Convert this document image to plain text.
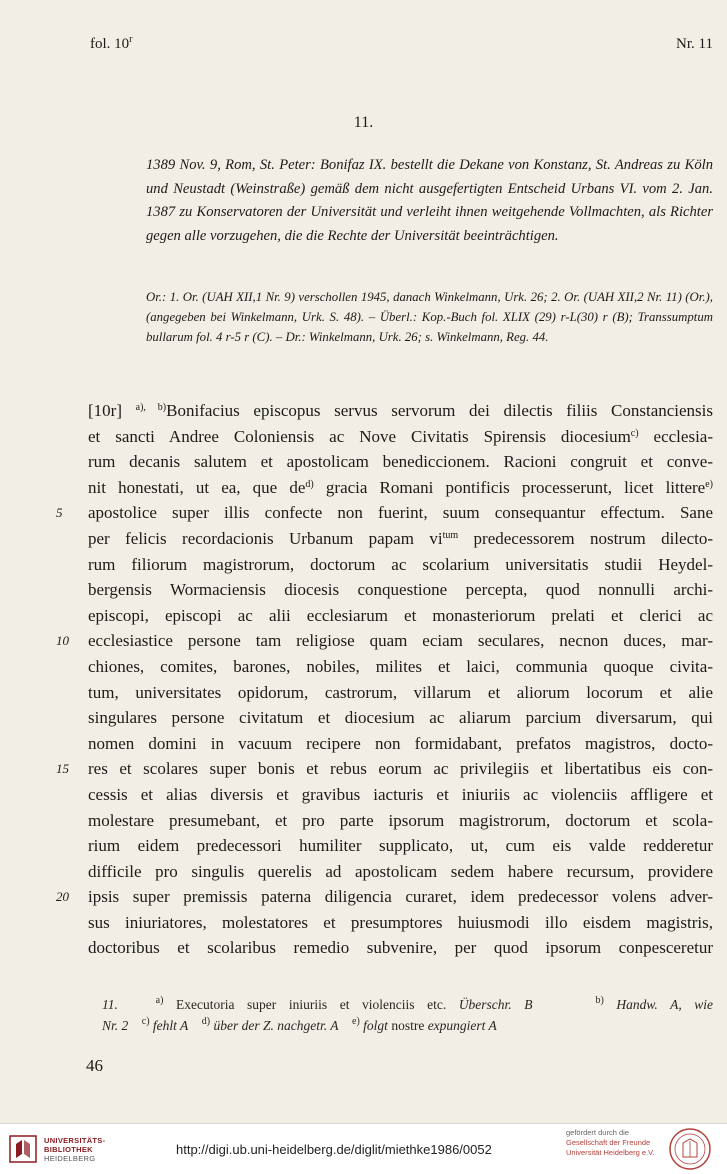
fol. 10$^r$	Nr. 11
11.
1389 Nov. 9, Rom, St. Peter: Bonifaz IX. bestellt die Dekane von Konstanz, St. Andreas zu Köln und Neustadt (Weinstraße) gemäß dem nicht ausgefertigten Entscheid Urbans VI. vom 2. Jan. 1387 zu Konservatoren der Universität und verleiht ihnen weitgehende Vollmachten, als Richter gegen alle vorzugehen, die die Rechte der Universität beeinträchtigen.
Or.: 1. Or. (UAH XII,1 Nr. 9) verschollen 1945, danach Winkelmann, Urk. 26; 2. Or. (UAH XII,2 Nr. 11) (Or.), (angegeben bei Winkelmann, Urk. S. 48). – Überl.: Kop.-Buch fol. XLIX (29) r-L(30) r (B); Transsumptum bullarum fol. 4 r-5 r (C). – Dr.: Winkelmann, Urk. 26; s. Winkelmann, Reg. 44.
[10r] $^{a), b)}$Bonifacius episcopus servus servorum dei dilectis filiis Constanciensis
et sancti Andree Coloniensis ac Nove Civitatis Spirensis diocesium$^{c)}$ ecclesia-
rum decanis salutem et apostolicam benediccionem. Racioni congruit et conve-
nit honestati, ut ea, que $de^{d)}$ gracia Romani pontificis processerunt, licet littere$^{e)}$
5	apostolice super illis confecte non fuerint, suum consequantur effectum. Sane
per felicis recordacionis Urbanum papam $vi^{tum}$ predecessorem nostrum dilecto-
rum filiorum magistrorum, doctorum ac scolarium universitatis studii Heydel-
bergensis Wormaciensis diocesis conquestione percepta, quod nonnulli archi-
episcopi, episcopi ac alii ecclesiarum et monasteriorum prelati et clerici ac
10 ecclesiastice persone tam religiose quam eciam seculares, necnon duces, mar-
chiones, comites, barones, nobiles, milites et laici, communia quoque civita-
tum, universitates opidorum, castrorum, villarum et aliorum locorum et alie
singulares persone civitatum et diocesium ac aliarum parcium diversarum, qui
nomen domini in vacuum recipere non formidabant, prefatos magistros, docto-
15 res et scolares super bonis et rebus eorum ac privilegiis et libertatibus eis con-
cessis et alias diversis et gravibus iacturis et iniuriis ac violenciis affligere et
molestare presumebant, et pro parte ipsorum magistrorum, doctorum et scola-
rium eidem predecessori humiliter supplicato, ut, cum eis valde redderetur
difficile pro singulis querelis ad apostolicam sedem habere recursum, providere
20 ipsis super premissis paterna diligencia curaret, idem predecessor volens adver-
sus iniuriatores, molestatores et presumptores huiusmodi illo eisdem magistris,
doctoribus et scolaribus remedio subvenire, per quod ipsorum conpesceretur
11.	$^{a)}$ Executoria super iniuriis et violenciis etc. Überschr. B	$^{b)}$ Handw. A, wie
Nr. 2 $^{c)}$ fehlt A $^{d)}$ über der Z. nachgetr. A $^{e)}$ folgt nostre expungiert A
46
UNIVERSITÄTS-
BIBLIOTHEK
HEIDELBERG
http://digi.ub.uni-heidelberg.de/diglit/miethke1986/0052
gefördert durch die
Gesellschaft der Freunde
Universität Heidelberg e.V.
